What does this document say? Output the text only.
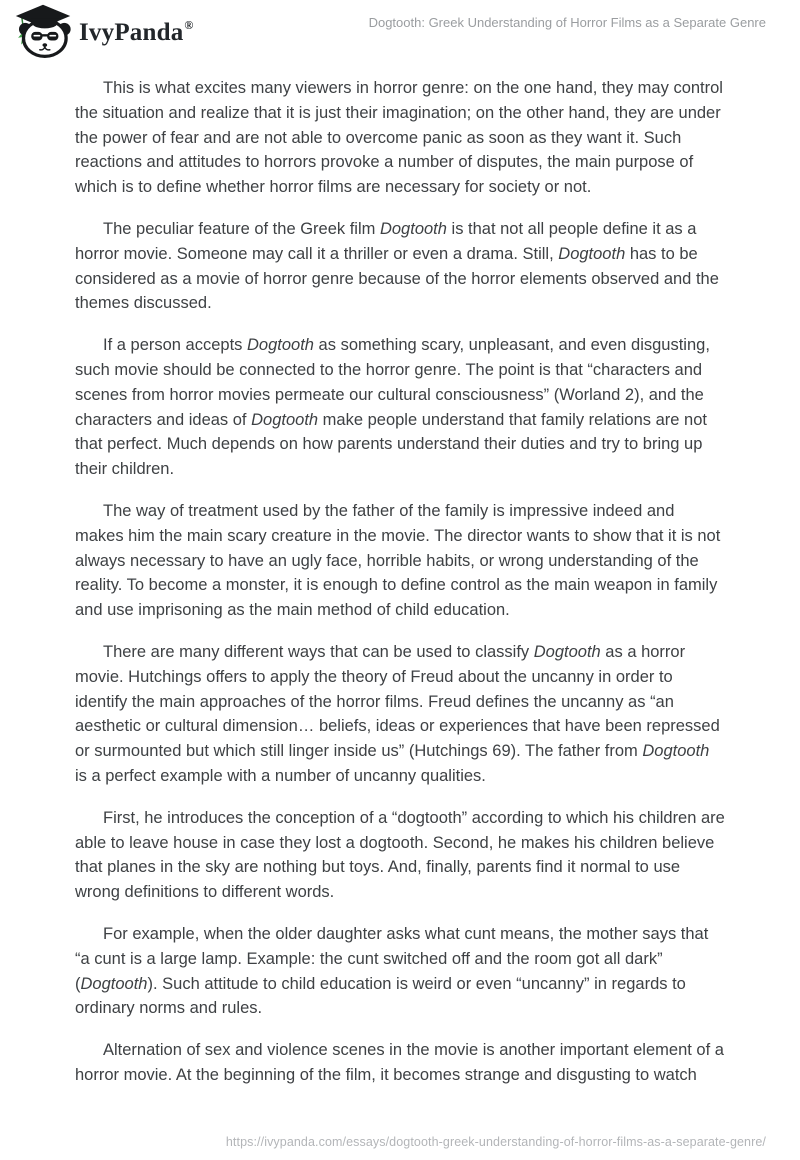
IvyPanda®	Dogtooth: Greek Understanding of Horror Films as a Separate Genre

This is what excites many viewers in horror genre: on the one hand, they may control the situation and realize that it is just their imagination; on the other hand, they are under the power of fear and are not able to overcome panic as soon as they want it. Such reactions and attitudes to horrors provoke a number of disputes, the main purpose of which is to define whether horror films are necessary for society or not.

The peculiar feature of the Greek film Dogtooth is that not all people define it as a horror movie. Someone may call it a thriller or even a drama. Still, Dogtooth has to be considered as a movie of horror genre because of the horror elements observed and the themes discussed.

If a person accepts Dogtooth as something scary, unpleasant, and even disgusting, such movie should be connected to the horror genre. The point is that “characters and scenes from horror movies permeate our cultural consciousness” (Worland 2), and the characters and ideas of Dogtooth make people understand that family relations are not that perfect. Much depends on how parents understand their duties and try to bring up their children.

The way of treatment used by the father of the family is impressive indeed and makes him the main scary creature in the movie. The director wants to show that it is not always necessary to have an ugly face, horrible habits, or wrong understanding of the reality. To become a monster, it is enough to define control as the main weapon in family and use imprisoning as the main method of child education.

There are many different ways that can be used to classify Dogtooth as a horror movie. Hutchings offers to apply the theory of Freud about the uncanny in order to identify the main approaches of the horror films. Freud defines the uncanny as “an aesthetic or cultural dimension… beliefs, ideas or experiences that have been repressed or surmounted but which still linger inside us” (Hutchings 69). The father from Dogtooth is a perfect example with a number of uncanny qualities.

First, he introduces the conception of a “dogtooth” according to which his children are able to leave house in case they lost a dogtooth. Second, he makes his children believe that planes in the sky are nothing but toys. And, finally, parents find it normal to use wrong definitions to different words.

For example, when the older daughter asks what cunt means, the mother says that “a cunt is a large lamp. Example: the cunt switched off and the room got all dark” (Dogtooth). Such attitude to child education is weird or even “uncanny” in regards to ordinary norms and rules.

Alternation of sex and violence scenes in the movie is another important element of a horror movie. At the beginning of the film, it becomes strange and disgusting to watch

https://ivypanda.com/essays/dogtooth-greek-understanding-of-horror-films-as-a-separate-genre/
